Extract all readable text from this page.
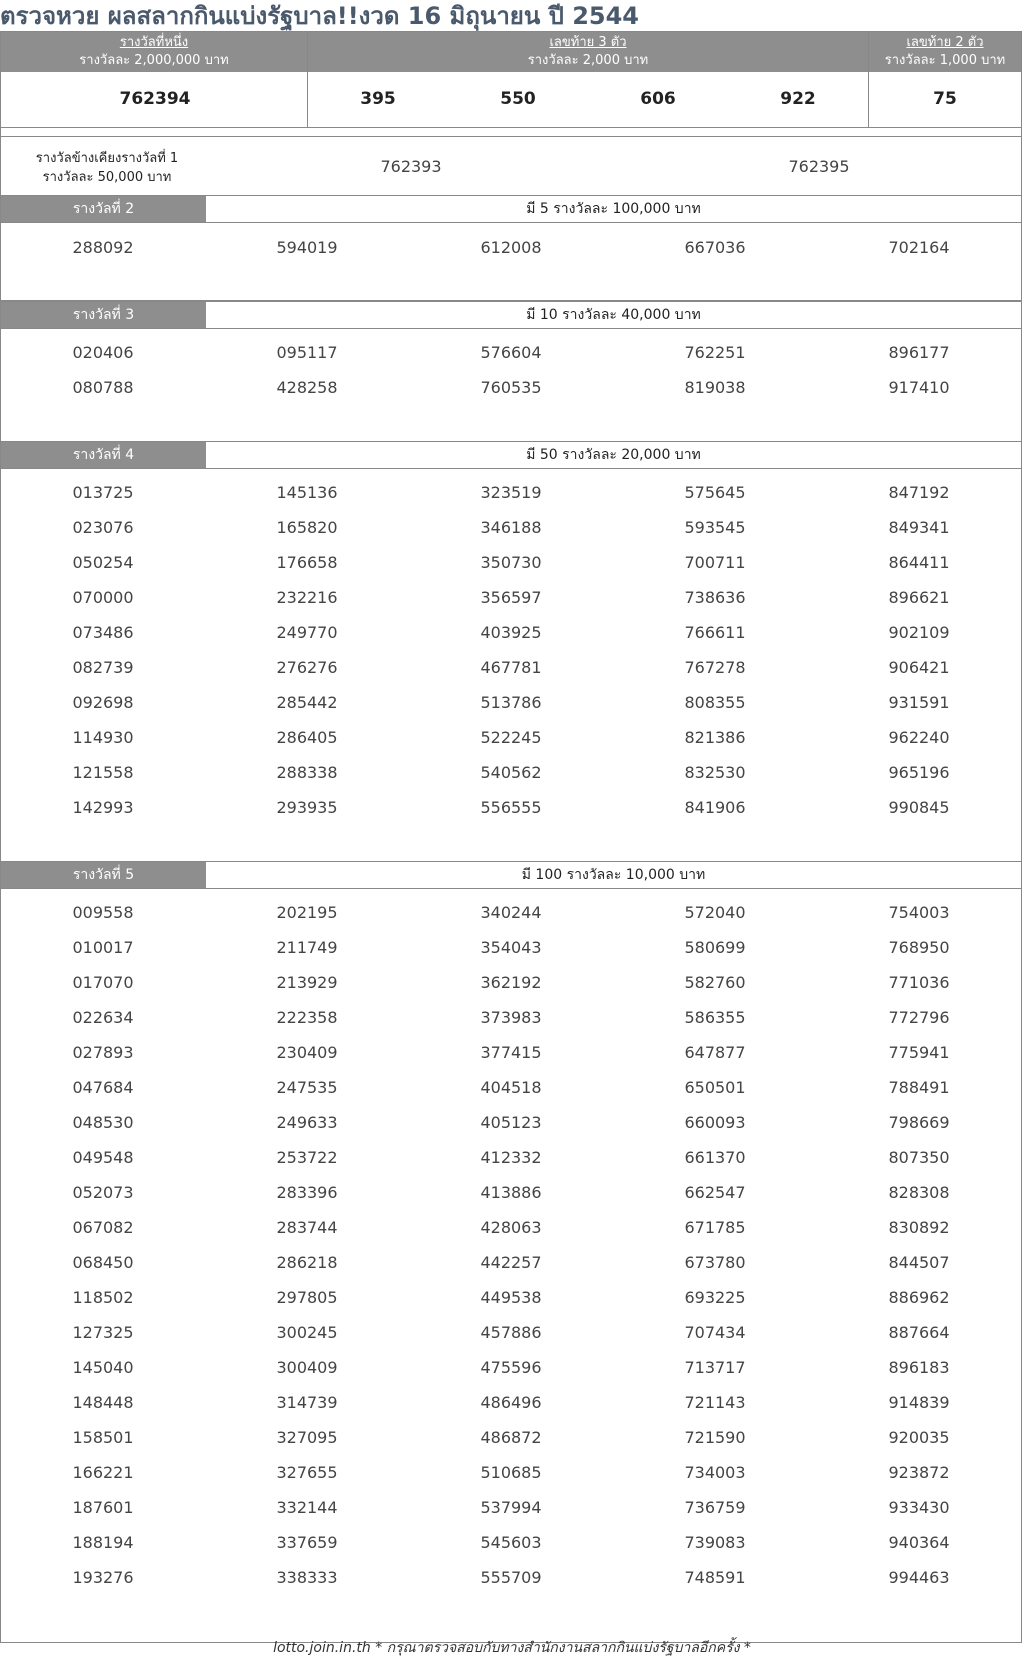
ตรวจหวย ผลสลากกินแบ่งรัฐบาล!!งวด 16 มิถุนายน ปี 2544
รางวัลที่หนึ่ง
รางวัลละ 2,000,000 บาท
เลขท้าย 3 ตัว
รางวัลละ 2,000 บาท
เลขท้าย 2 ตัว
รางวัลละ 1,000 บาท
762394	395	550	606	922	75
รางวัลข้างเคียงรางวัลที่ 1
รางวัลละ 50,000 บาท
762393	762395
รางวัลที่ 2	มี 5 รางวัลละ 100,000 บาท
288092	594019	612008	667036	702164
รางวัลที่ 3	มี 10 รางวัลละ 40,000 บาท
020406	095117	576604	762251	896177
080788	428258	760535	819038	917410
รางวัลที่ 4	มี 50 รางวัลละ 20,000 บาท
013725	145136	323519	575645	847192
023076	165820	346188	593545	849341
050254	176658	350730	700711	864411
070000	232216	356597	738636	896621
073486	249770	403925	766611	902109
082739	276276	467781	767278	906421
092698	285442	513786	808355	931591
114930	286405	522245	821386	962240
121558	288338	540562	832530	965196
142993	293935	556555	841906	990845
รางวัลที่ 5	มี 100 รางวัลละ 10,000 บาท
009558	202195	340244	572040	754003
010017	211749	354043	580699	768950
017070	213929	362192	582760	771036
022634	222358	373983	586355	772796
027893	230409	377415	647877	775941
047684	247535	404518	650501	788491
048530	249633	405123	660093	798669
049548	253722	412332	661370	807350
052073	283396	413886	662547	828308
067082	283744	428063	671785	830892
068450	286218	442257	673780	844507
118502	297805	449538	693225	886962
127325	300245	457886	707434	887664
145040	300409	475596	713717	896183
148448	314739	486496	721143	914839
158501	327095	486872	721590	920035
166221	327655	510685	734003	923872
187601	332144	537994	736759	933430
188194	337659	545603	739083	940364
193276	338333	555709	748591	994463
lotto.join.in.th * กรุณาตรวจสอบกับทางสำนักงานสลากกินแบ่งรัฐบาลอีกครั้ง *
